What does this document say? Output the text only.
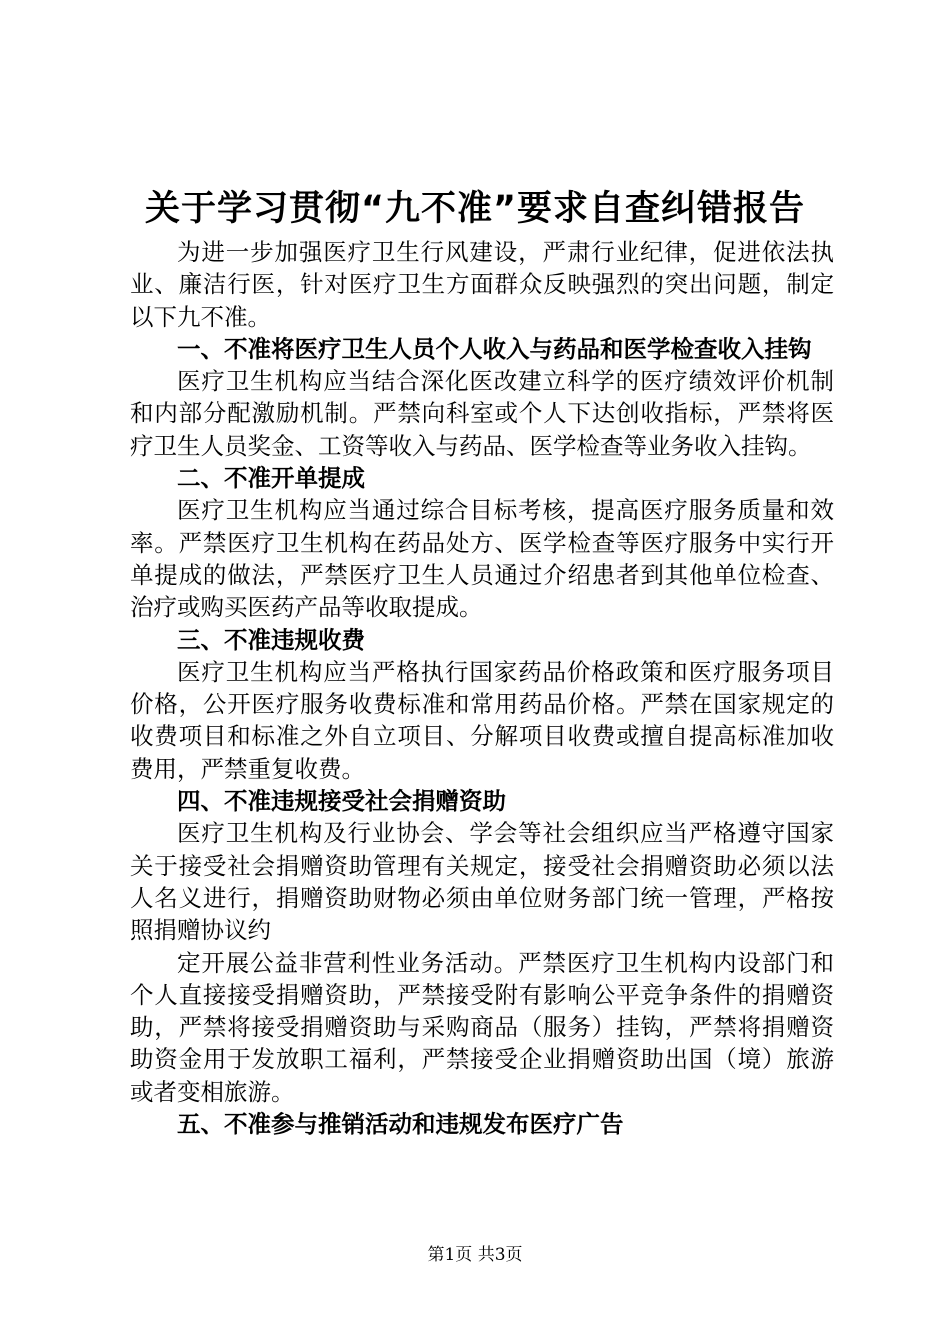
关于学习贯彻“九不准”要求自查纠错报告

为进一步加强医疗卫生行风建设，严肃行业纪律，促进依法执业、廉洁行医，针对医疗卫生方面群众反映强烈的突出问题，制定以下九不准。

一、不准将医疗卫生人员个人收入与药品和医学检查收入挂钩

医疗卫生机构应当结合深化医改建立科学的医疗绩效评价机制和内部分配激励机制。严禁向科室或个人下达创收指标，严禁将医疗卫生人员奖金、工资等收入与药品、医学检查等业务收入挂钩。

二、不准开单提成

医疗卫生机构应当通过综合目标考核，提高医疗服务质量和效率。严禁医疗卫生机构在药品处方、医学检查等医疗服务中实行开单提成的做法，严禁医疗卫生人员通过介绍患者到其他单位检查、治疗或购买医药产品等收取提成。

三、不准违规收费

医疗卫生机构应当严格执行国家药品价格政策和医疗服务项目价格，公开医疗服务收费标准和常用药品价格。严禁在国家规定的收费项目和标准之外自立项目、分解项目收费或擅自提高标准加收费用，严禁重复收费。

四、不准违规接受社会捐赠资助

医疗卫生机构及行业协会、学会等社会组织应当严格遵守国家关于接受社会捐赠资助管理有关规定，接受社会捐赠资助必须以法人名义进行，捐赠资助财物必须由单位财务部门统一管理，严格按照捐赠协议约

定开展公益非营利性业务活动。严禁医疗卫生机构内设部门和个人直接接受捐赠资助，严禁接受附有影响公平竞争条件的捐赠资助，严禁将接受捐赠资助与采购商品（服务）挂钩，严禁将捐赠资助资金用于发放职工福利，严禁接受企业捐赠资助出国（境）旅游或者变相旅游。

五、不准参与推销活动和违规发布医疗广告

第1页 共3页
